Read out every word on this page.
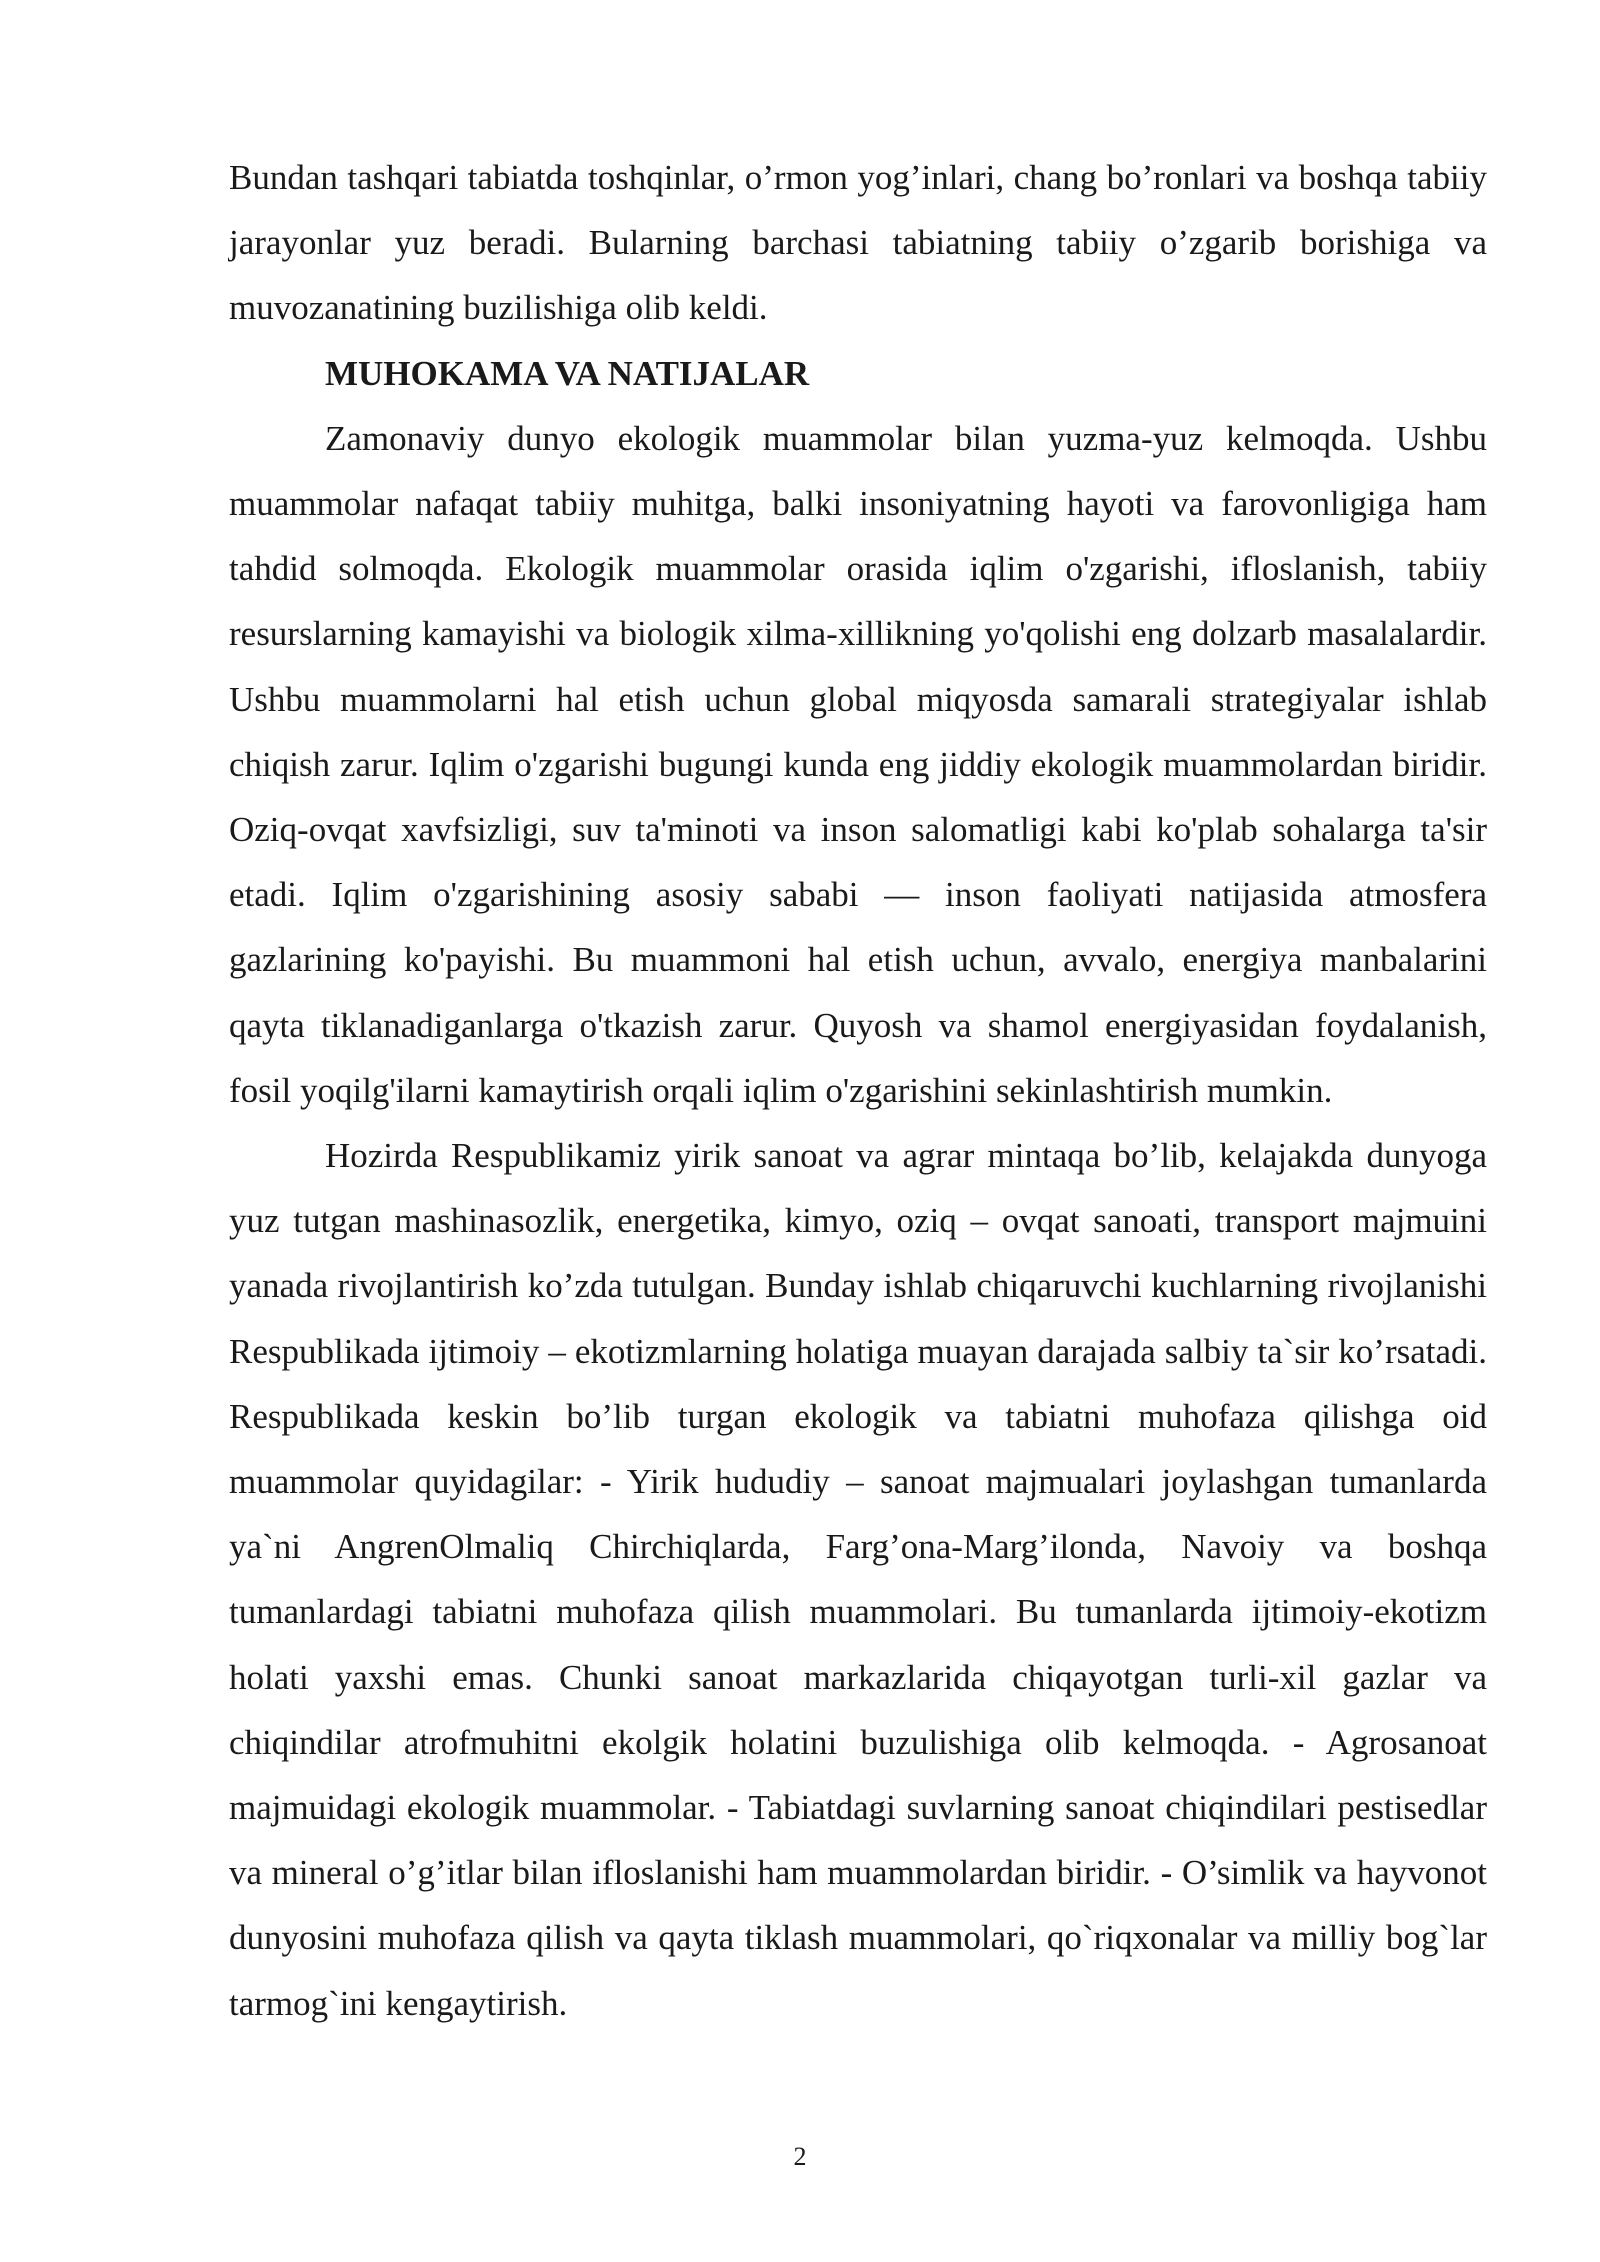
Bundan tashqari tabiatda toshqinlar, o’rmon yog’inlari, chang bo’ronlari va boshqa tabiiy jarayonlar yuz beradi. Bularning barchasi tabiatning tabiiy o’zgarib borishiga va muvozanatining buzilishiga olib keldi.

MUHOKAMA VA NATIJALAR

Zamonaviy dunyo ekologik muammolar bilan yuzma-yuz kelmoqda. Ushbu muammolar nafaqat tabiiy muhitga, balki insoniyatning hayoti va farovonligiga ham tahdid solmoqda. Ekologik muammolar orasida iqlim o'zgarishi, ifloslanish, tabiiy resurslarning kamayishi va biologik xilma-xillikning yo'qolishi eng dolzarb masalalardir. Ushbu muammolarni hal etish uchun global miqyosda samarali strategiyalar ishlab chiqish zarur. Iqlim o'zgarishi bugungi kunda eng jiddiy ekologik muammolardan biridir. Oziq-ovqat xavfsizligi, suv ta'minoti va inson salomatligi kabi ko'plab sohalarga ta'sir etadi. Iqlim o'zgarishining asosiy sababi — inson faoliyati natijasida atmosfera gazlarining ko'payishi. Bu muammoni hal etish uchun, avvalo, energiya manbalarini qayta tiklanadiganlarga o'tkazish zarur. Quyosh va shamol energiyasidan foydalanish, fosil yoqilg'ilarni kamaytirish orqali iqlim o'zgarishini sekinlashtirish mumkin.

Hozirda Respublikamiz yirik sanoat va agrar mintaqa bo’lib, kelajakda dunyoga yuz tutgan mashinasozlik, energetika, kimyo, oziq – ovqat sanoati, transport majmuini yanada rivojlantirish ko’zda tutulgan. Bunday ishlab chiqaruvchi kuchlarning rivojlanishi Respublikada ijtimoiy – ekotizmlarning holatiga muayan darajada salbiy ta`sir ko’rsatadi. Respublikada keskin bo’lib turgan ekologik va tabiatni muhofaza qilishga oid muammolar quyidagilar: - Yirik hududiy – sanoat majmualari joylashgan tumanlarda ya`ni AngrenOlmaliq Chirchiqlarda, Farg’ona-Marg’ilonda, Navoiy va boshqa tumanlardagi tabiatni muhofaza qilish muammolari. Bu tumanlarda ijtimoiy-ekotizm holati yaxshi emas. Chunki sanoat markazlarida chiqayotgan turli-xil gazlar va chiqindilar atrofmuhitni ekolgik holatini buzulishiga olib kelmoqda. - Agrosanoat majmuidagi ekologik muammolar. - Tabiatdagi suvlarning sanoat chiqindilari pestisedlar va mineral o’g’itlar bilan ifloslanishi ham muammolardan biridir. - O’simlik va hayvonot dunyosini muhofaza qilish va qayta tiklash muammolari, qo`riqxonalar va milliy bog`lar tarmog`ini kengaytirish.

2
